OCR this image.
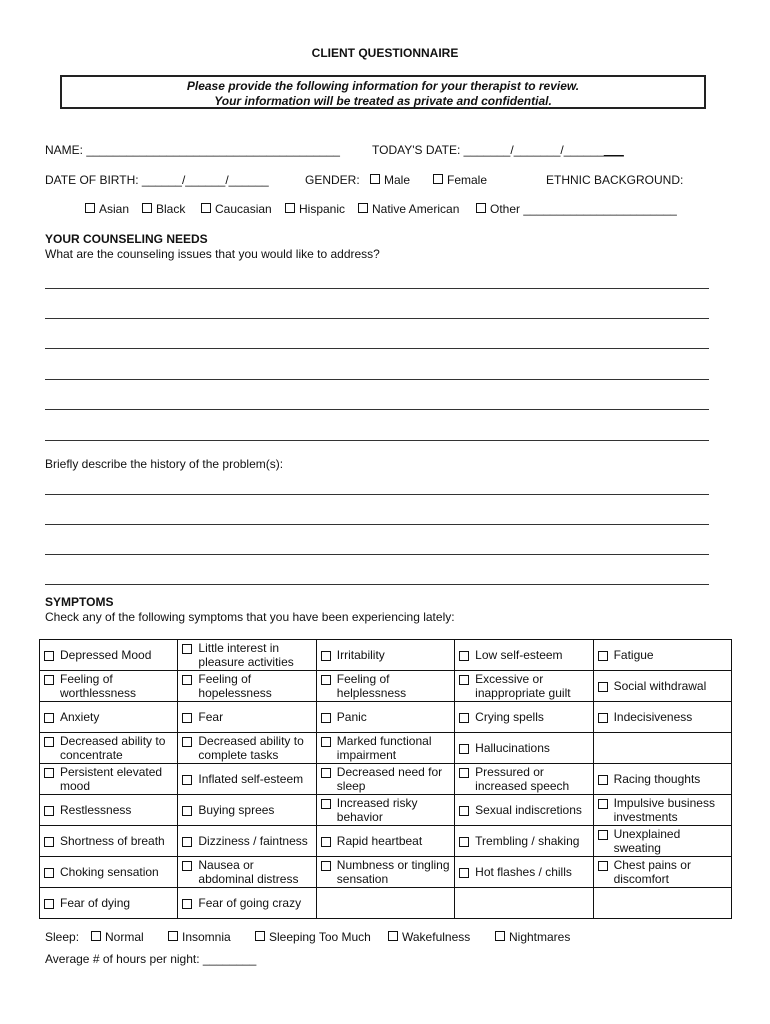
CLIENT QUESTIONNAIRE
Please provide the following information for your therapist to review.
Your information will be treated as private and confidential.
NAME: ______________________________________	TODAY'S DATE: _______/_______/_________
DATE OF BIRTH: ______/______/______	GENDER:	Male	Female	ETHNIC BACKGROUND:
Asian	Black	Caucasian	Hispanic	Native American	Other _______________________
YOUR COUNSELING NEEDS
What are the counseling issues that you would like to address?
Briefly describe the history of the problem(s):
SYMPTOMS
Check any of the following symptoms that you have been experiencing lately:
Depressed Mood	Little interest in pleasure activities	Irritability	Low self-esteem	Fatigue

Feeling of worthlessness	Feeling of hopelessness	Feeling of helplessness	Excessive or inappropriate guilt	Social withdrawal

Anxiety	Fear	Panic	Crying spells	Indecisiveness

Decreased ability to concentrate	Decreased ability to complete tasks	Marked functional impairment	Hallucinations	

Persistent elevated mood	Inflated self-esteem	Decreased need for sleep	Pressured or increased speech	Racing thoughts

Restlessness	Buying sprees	Increased risky behavior	Sexual indiscretions	Impulsive business investments

Shortness of breath	Dizziness / faintness	Rapid heartbeat	Trembling / shaking	Unexplained sweating

Choking sensation	Nausea or abdominal distress	Numbness or tingling sensation	Hot flashes / chills	Chest pains or discomfort

Fear of dying	Fear of going crazy			

Sleep:	Normal	Insomnia	Sleeping Too Much	Wakefulness	Nightmares
Average # of hours per night: ________
